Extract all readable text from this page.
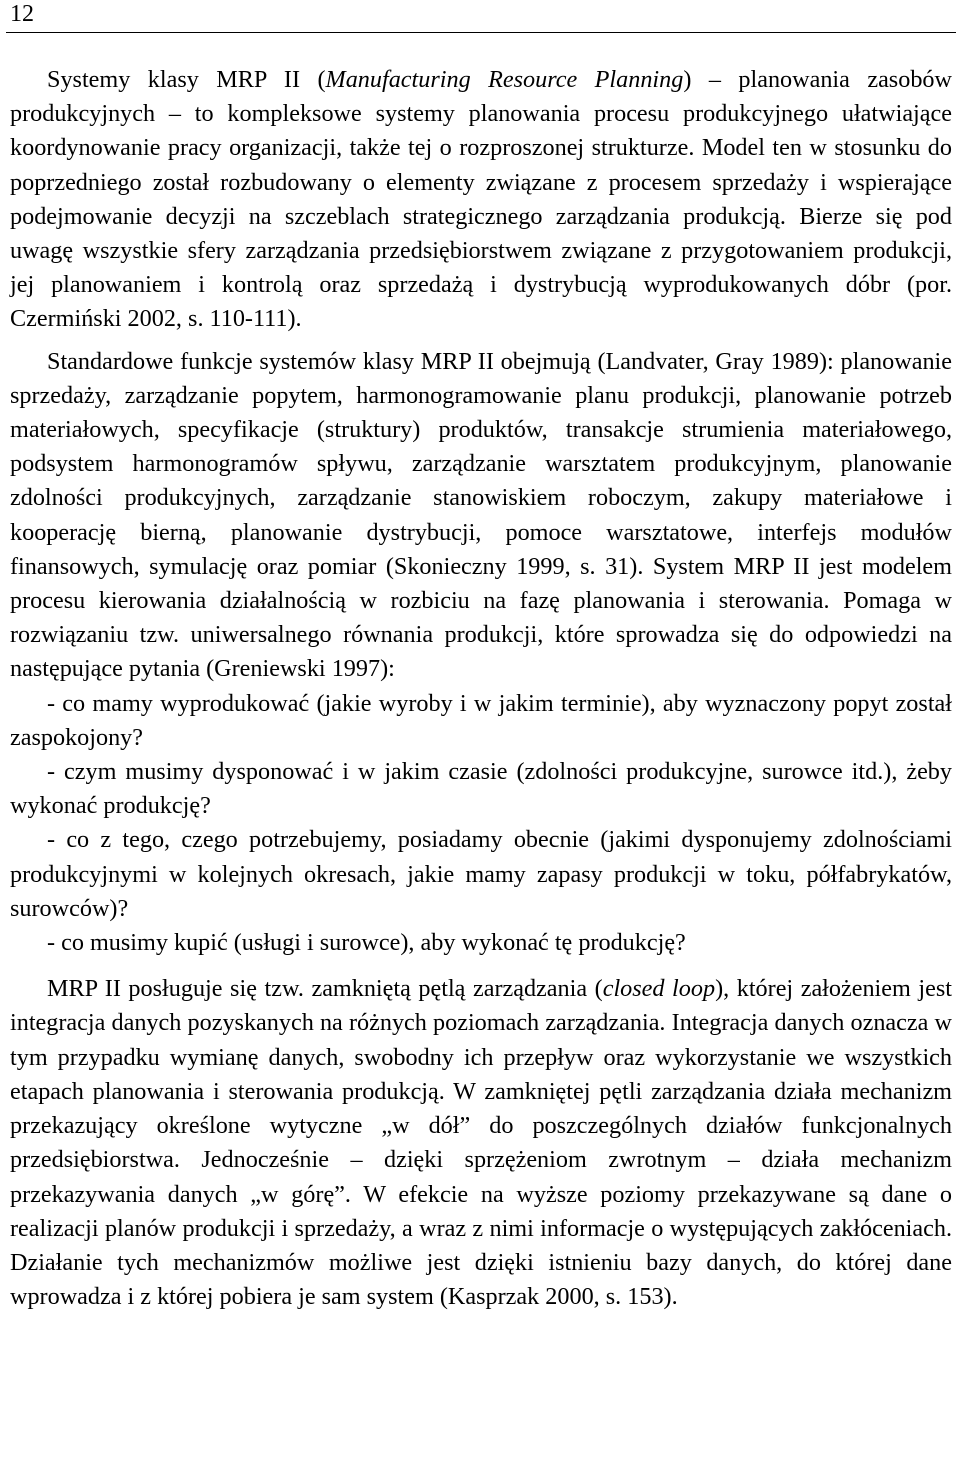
12

Systemy klasy MRP II (Manufacturing Resource Planning) – planowania zasobów produkcyjnych – to kompleksowe systemy planowania procesu produkcyjnego ułatwiające koordynowanie pracy organizacji, także tej o rozproszonej strukturze. Model ten w stosunku do poprzedniego został rozbudowany o elementy związane z procesem sprzedaży i wspierające podejmowanie decyzji na szczeblach strategicznego zarządzania produkcją. Bierze się pod uwagę wszystkie sfery zarządzania przedsiębiorstwem związane z przygotowaniem produkcji, jej planowaniem i kontrolą oraz sprzedażą i dystrybucją wyprodukowanych dóbr (por. Czermiński 2002, s. 110-111).

Standardowe funkcje systemów klasy MRP II obejmują (Landvater, Gray 1989): planowanie sprzedaży, zarządzanie popytem, harmonogramowanie planu produkcji, planowanie potrzeb materiałowych, specyfikacje (struktury) produktów, transakcje strumienia materiałowego, podsystem harmonogramów spływu, zarządzanie warsztatem produkcyjnym, planowanie zdolności produkcyjnych, zarządzanie stanowiskiem roboczym, zakupy materiałowe i kooperację bierną, planowanie dystrybucji, pomoce warsztatowe, interfejs modułów finansowych, symulację oraz pomiar (Skonieczny 1999, s. 31). System MRP II jest modelem procesu kierowania działalnością w rozbiciu na fazę planowania i sterowania. Pomaga w rozwiązaniu tzw. uniwersalnego równania produkcji, które sprowadza się do odpowiedzi na następujące pytania (Greniewski 1997):

- co mamy wyprodukować (jakie wyroby i w jakim terminie), aby wyznaczony popyt został zaspokojony?

- czym musimy dysponować i w jakim czasie (zdolności produkcyjne, surowce itd.), żeby wykonać produkcję?

- co z tego, czego potrzebujemy, posiadamy obecnie (jakimi dysponujemy zdolnościami produkcyjnymi w kolejnych okresach, jakie mamy zapasy produkcji w toku, półfabrykatów, surowców)?

- co musimy kupić (usługi i surowce), aby wykonać tę produkcję?

MRP II posługuje się tzw. zamkniętą pętlą zarządzania (closed loop), której założeniem jest integracja danych pozyskanych na różnych poziomach zarządzania. Integracja danych oznacza w tym przypadku wymianę danych, swobodny ich przepływ oraz wykorzystanie we wszystkich etapach planowania i sterowania produkcją. W zamkniętej pętli zarządzania działa mechanizm przekazujący określone wytyczne „w dół” do poszczególnych działów funkcjonalnych przedsiębiorstwa. Jednocześnie – dzięki sprzężeniom zwrotnym – działa mechanizm przekazywania danych „w górę”. W efekcie na wyższe poziomy przekazywane są dane o realizacji planów produkcji i sprzedaży, a wraz z nimi informacje o występujących zakłóceniach. Działanie tych mechanizmów możliwe jest dzięki istnieniu bazy danych, do której dane wprowadza i z której pobiera je sam system (Kasprzak 2000, s. 153).
